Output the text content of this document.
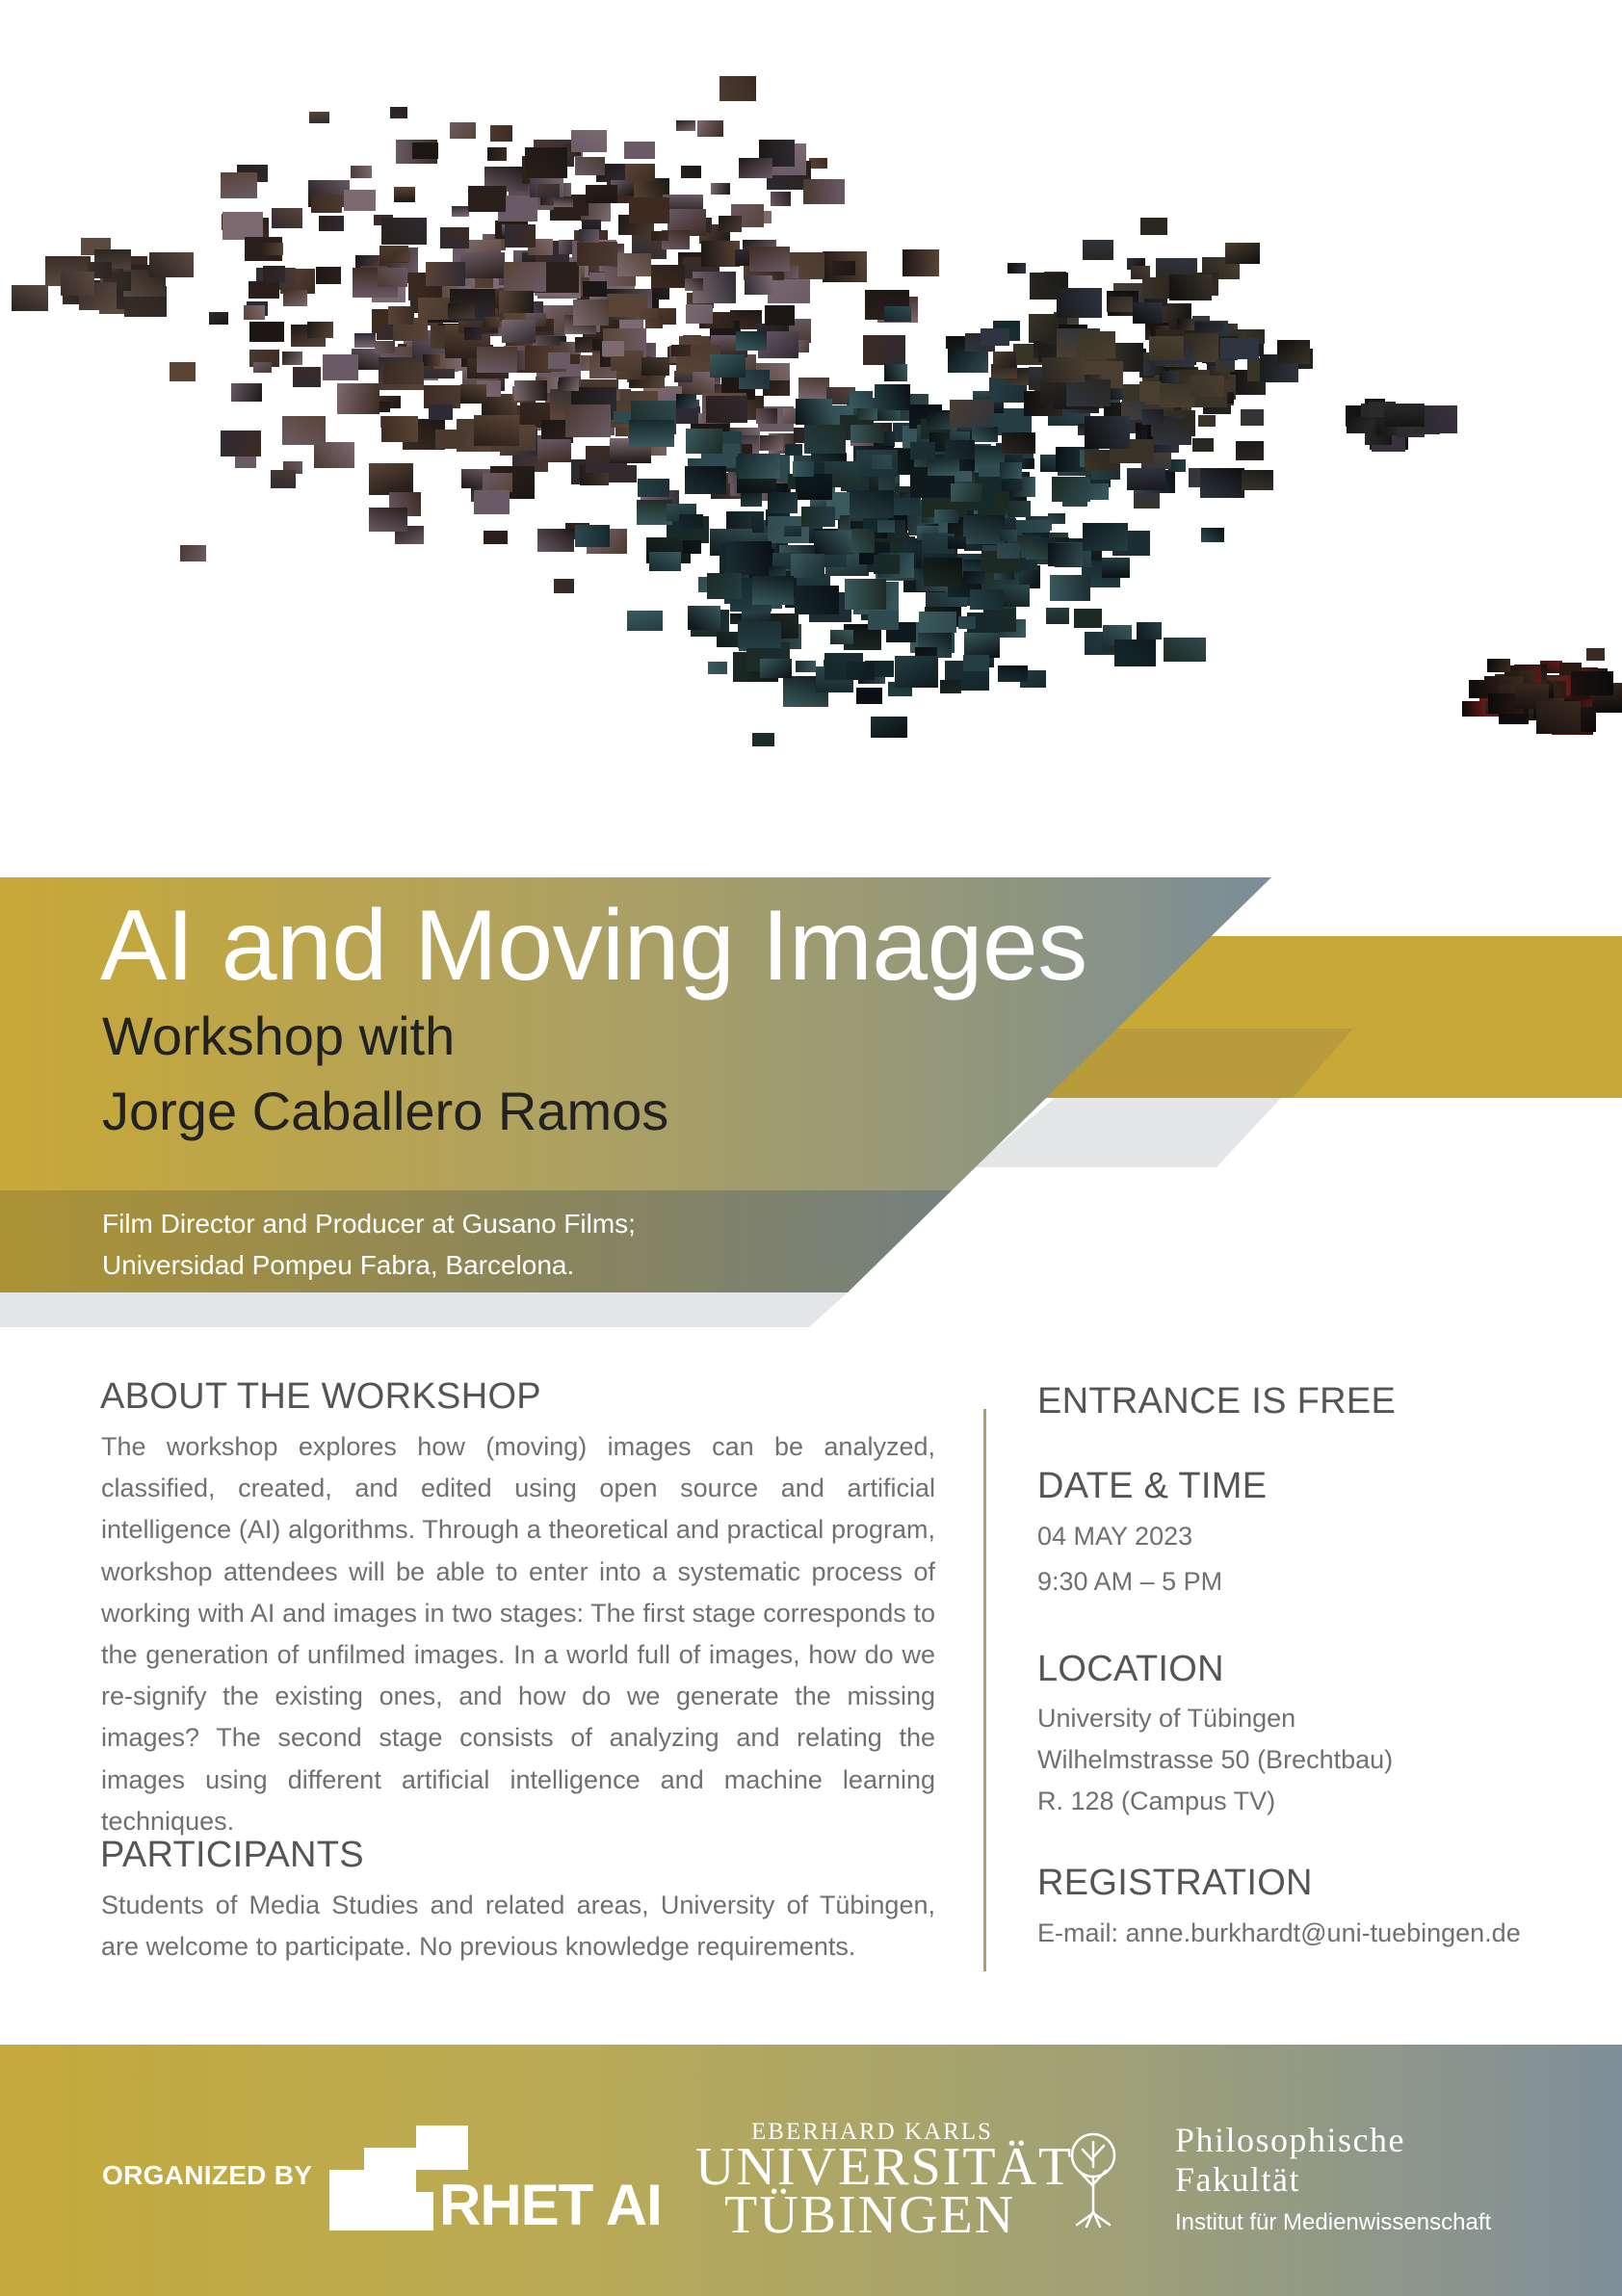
AI and Moving Images

Workshop with

Jorge Caballero Ramos

Film Director and Producer at Gusano Films;

Universidad Pompeu Fabra, Barcelona.

ABOUT THE WORKSHOP

The workshop explores how (moving) images can be analyzed, classified, created, and edited using open source and artificial intelligence (AI) algorithms. Through a theoretical and practical program, workshop attendees will be able to enter into a systematic process of working with AI and images in two stages: The first stage corresponds to the generation of unfilmed images. In a world full of images, how do we re-signify the existing ones, and how do we generate the missing images? The second stage consists of analyzing and relating the images using different artificial intelligence and machine learning techniques.

PARTICIPANTS

Students of Media Studies and related areas, University of Tübingen, are welcome to participate. No previous knowledge requirements.

ENTRANCE IS FREE
DATE & TIME

04 MAY 2023

9:30 AM – 5 PM

LOCATION

University of Tübingen

Wilhelmstrasse 50 (Brechtbau)

R. 128 (Campus TV)

REGISTRATION

E-mail: anne.burkhardt@uni-tuebingen.de

ORGANIZED BY RHET AI

EBERHARD KARLS

UNIVERSITÄT

TÜBINGEN

Philosophische

Fakultät

Institut für Medienwissenschaft
